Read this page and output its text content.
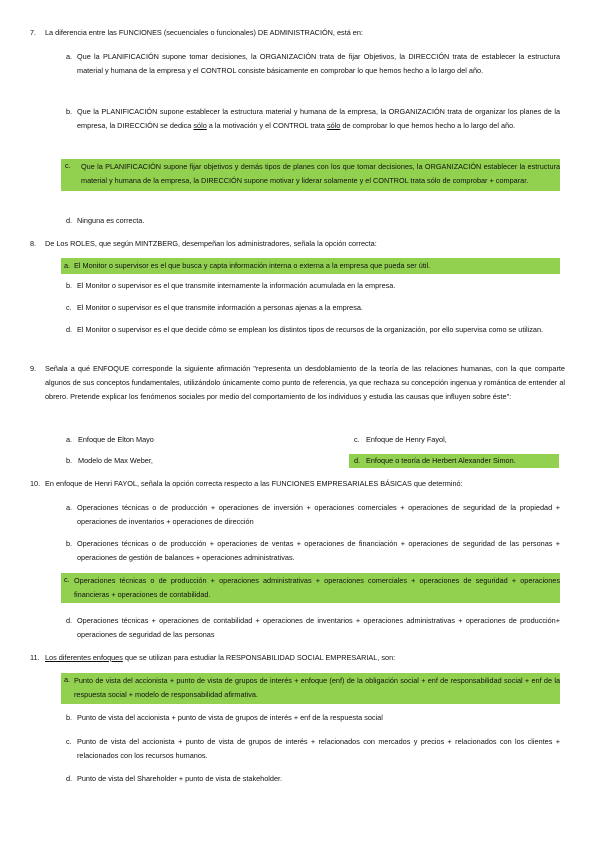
7.	La diferencia entre las FUNCIONES (secuenciales o funcionales) DE ADMINISTRACIÓN, está en:
a. Que la PLANIFICACIÓN supone tomar decisiones, la ORGANIZACIÓN trata de fijar Objetivos, la DIRECCIÓN trata de establecer la estructura material y humana de la empresa y el CONTROL consiste básicamente en comprobar lo que hemos hecho a lo largo del año.
b. Que la PLANIFICACIÓN supone establecer la estructura material y humana de la empresa, la ORGANIZACIÓN trata de organizar los planes de la empresa, la DIRECCIÓN se dedica sólo a la motivación y el CONTROL trata sólo de comprobar lo que hemos hecho a lo largo del año.
c. Que la PLANIFICACIÓN supone fijar objetivos y demás tipos de planes con los que tomar decisiones, la ORGANIZACIÓN establecer la estructura material y humana de la empresa, la DIRECCIÓN supone motivar y liderar solamente y el CONTROL trata sólo de comprobar + comparar.
d. Ninguna es correcta.
8.	De Los ROLES, que según MINTZBERG, desempeñan los administradores, señala la opción correcta:
a. El Monitor o supervisor es el que busca y capta información interna o externa a la empresa que pueda ser útil.
b. El Monitor o supervisor es el que transmite internamente la información acumulada en la empresa.
c. El Monitor o supervisor es el que transmite información a personas ajenas a la empresa.
d. El Monitor o supervisor es el que decide cómo se emplean los distintos tipos de recursos de la organización, por ello supervisa como se utilizan.
9.	Señala a qué ENFOQUE corresponde la siguiente afirmación "representa un desdoblamiento de la teoría de las relaciones humanas, con la que comparte algunos de sus conceptos fundamentales, utilizándolo únicamente como punto de referencia, ya que rechaza su concepción ingenua y romántica de entender al obrero. Pretende explicar los fenómenos sociales por medio del comportamiento de los individuos y estudia las causas que influyen sobre éste":
a. Enfoque de Elton Mayo	c. Enfoque de Henry Fayol,
b. Modelo de Max Weber,	d. Enfoque o teoría de Herbert Alexander Simon.
10. En enfoque de Henri FAYOL, señala la opción correcta respecto a las FUNCIONES EMPRESARIALES BÁSICAS que determinó:
a. Operaciones técnicas o de producción + operaciones de inversión + operaciones comerciales + operaciones de seguridad de la propiedad + operaciones de inventarios + operaciones de dirección
b. Operaciones técnicas o de producción + operaciones de ventas + operaciones de financiación + operaciones de seguridad de las personas + operaciones de gestión de balances + operaciones administrativas.
c. Operaciones técnicas o de producción + operaciones administrativas + operaciones comerciales + operaciones de seguridad + operaciones financieras + operaciones de contabilidad.
d. Operaciones técnicas + operaciones de contabilidad + operaciones de inventarios + operaciones administrativas + operaciones de producción+ operaciones de seguridad de las personas
11. Los diferentes enfoques que se utilizan para estudiar la RESPONSABILIDAD SOCIAL EMPRESARIAL, son:
a. Punto de vista del accionista + punto de vista de grupos de interés + enfoque (enf) de la obligación social + enf de responsabilidad social + enf de la respuesta social + modelo de responsabilidad afirmativa.
b. Punto de vista del accionista + punto de vista de grupos de interés + enf de la respuesta social
c. Punto de vista del accionista + punto de vista de grupos de interés + relacionados con mercados y precios + relacionados con los clientes + relacionados con los recursos humanos.
d. Punto de vista del Shareholder + punto de vista de stakeholder.
